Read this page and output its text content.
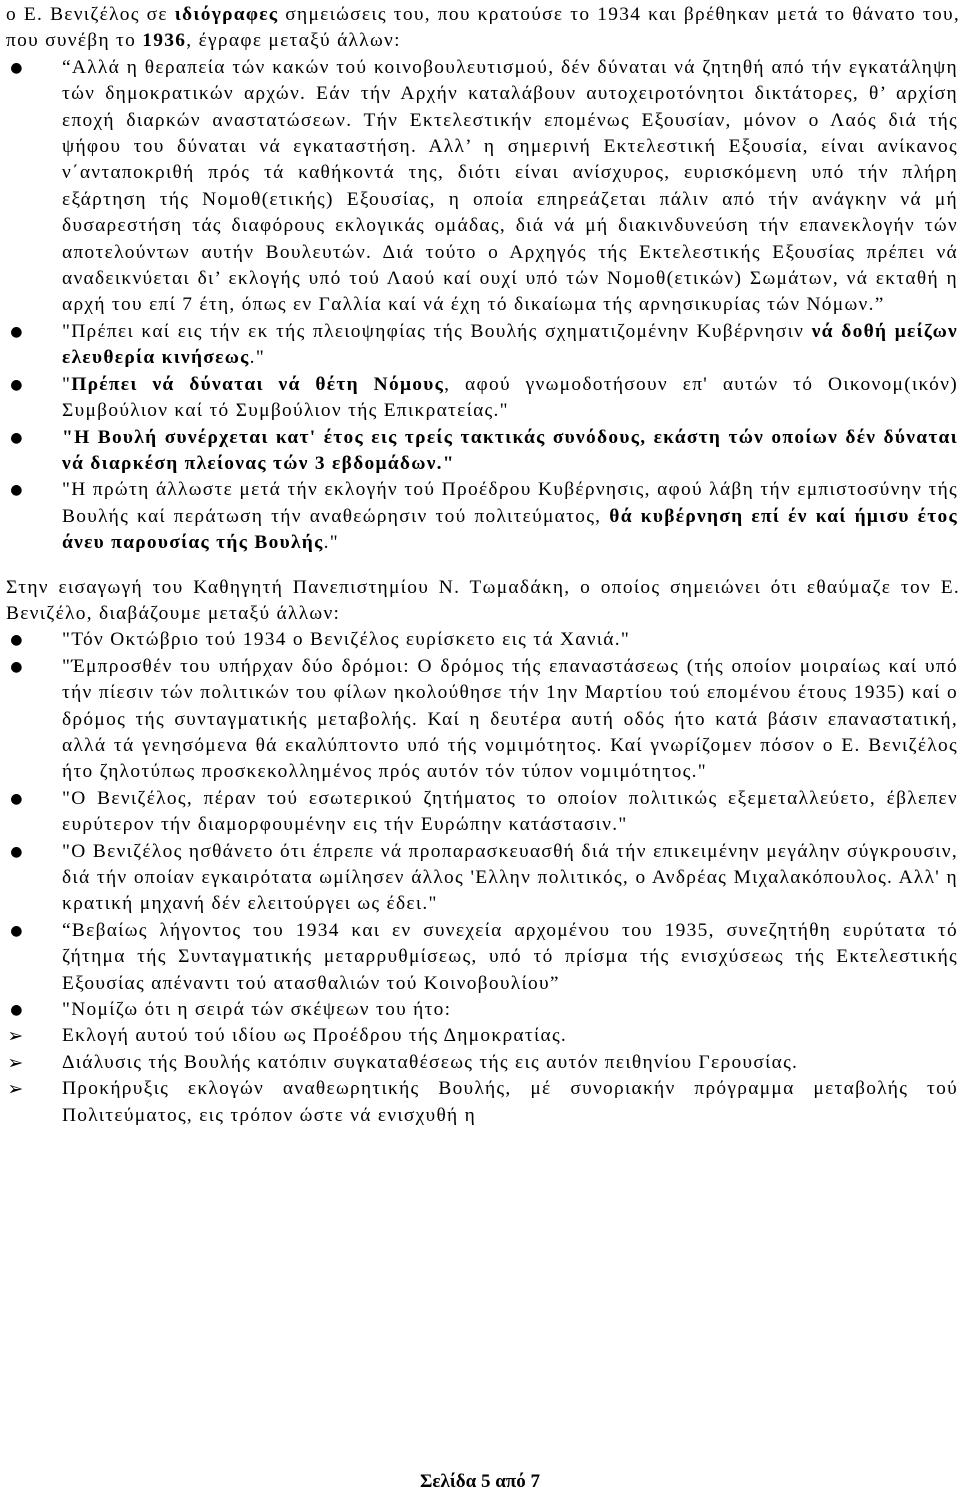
ο Ε. Βενιζέλος σε ιδιόγραφες σημειώσεις του, που κρατούσε το 1934 και βρέθηκαν μετά το θάνατο του, που συνέβη το 1936, έγραφε μεταξύ άλλων:

● “Αλλά η θεραπεία τών κακών τού κοινοβουλευτισμού, δέν δύναται νά ζητηθή από τήν εγκατάληψη τών δημοκρατικών αρχών. Εάν τήν Αρχήν καταλάβουν αυτοχειροτόνητοι δικτάτορες, θ’ αρχίση εποχή διαρκών αναστατώσεων. Τήν Εκτελεστικήν επομένως Εξουσίαν, μόνον ο Λαός διά τής ψήφου του δύναται νά εγκαταστήση. Αλλ’ η σημερινή Εκτελεστική Εξουσία, είναι ανίκανος ν΄ανταποκριθή πρός τά καθήκοντά της, διότι είναι ανίσχυρος, ευρισκόμενη υπό τήν πλήρη εξάρτηση τής Νομοθ(ετικής) Εξουσίας, η οποία επηρεάζεται πάλιν από τήν ανάγκην νά μή δυσαρεστήση τάς διαφόρους εκλογικάς ομάδας, διά νά μή διακινδυνεύση τήν επανεκλογήν τών αποτελούντων αυτήν Βουλευτών. Διά τούτο ο Αρχηγός τής Εκτελεστικής Εξουσίας πρέπει νά αναδεικνύεται δι’ εκλογής υπό τού Λαού καί ουχί υπό τών Νομοθ(ετικών) Σωμάτων, νά εκταθή η αρχή του επί 7 έτη, όπως εν Γαλλία καί νά έχη τό δικαίωμα τής αρνησικυρίας τών Νόμων.”
● "Πρέπει καί εις τήν εκ τής πλειοψηφίας τής Βουλής σχηματιζομένην Κυβέρνησιν νά δοθή μείζων ελευθερία κινήσεως."
● "Πρέπει νά δύναται νά θέτη Νόμους, αφού γνωμοδοτήσουν επ' αυτών τό Οικονομ(ικόν) Συμβούλιον καί τό Συμβούλιον τής Επικρατείας."
● "Η Βουλή συνέρχεται κατ' έτος εις τρείς τακτικάς συνόδους, εκάστη τών οποίων δέν δύναται νά διαρκέση πλείονας τών 3 εβδομάδων."
● "Η πρώτη άλλωστε μετά τήν εκλογήν τού Προέδρου Κυβέρνησις, αφού λάβη τήν εμπιστοσύνην τής Βουλής καί περάτωση τήν αναθεώρησιν τού πολιτεύματος, θά κυβέρνηση επί έν καί ήμισυ έτος άνευ παρουσίας τής Βουλής."

Στην εισαγωγή του Καθηγητή Πανεπιστημίου Ν. Τωμαδάκη, ο οποίος σημειώνει ότι εθαύμαζε τον Ε. Βενιζέλο, διαβάζουμε μεταξύ άλλων:

● "Τόν Οκτώβριο τού 1934 ο Βενιζέλος ευρίσκετο εις τά Χανιά."
● "Έμπροσθέν του υπήρχαν δύο δρόμοι: Ο δρόμος τής επαναστάσεως (τής οποίον μοιραίως καί υπό τήν πίεσιν τών πολιτικών του φίλων ηκολούθησε τήν 1ην Μαρτίου τού επομένου έτους 1935) καί ο δρόμος τής συνταγματικής μεταβολής. Καί η δευτέρα αυτή οδός ήτο κατά βάσιν επαναστατική, αλλά τά γενησόμενα θά εκαλύπτοντο υπό τής νομιμότητος. Καί γνωρίζομεν πόσον ο Ε. Βενιζέλος ήτο ζηλοτύπως προσκεκολλημένος πρός αυτόν τόν τύπον νομιμότητος."
● "Ο Βενιζέλος, πέραν τού εσωτερικού ζητήματος το οποίον πολιτικώς εξεμεταλλεύετο, έβλεπεν ευρύτερον τήν διαμορφουμένην εις τήν Ευρώπην κατάστασιν."
● "Ο Βενιζέλος ησθάνετο ότι έπρεπε νά προπαρασκευασθή διά τήν επικειμένην μεγάλην σύγκρουσιν, διά τήν οποίαν εγκαιρότατα ωμίλησεν άλλος 'Ελλην πολιτικός, ο Ανδρέας Μιχαλακόπουλος. Αλλ' η κρατική μηχανή δέν ελειτούργει ως έδει."
● “Βεβαίως λήγοντος του 1934 και εν συνεχεία αρχομένου του 1935, συνεζητήθη ευρύτατα τό ζήτημα τής Συνταγματικής μεταρρυθμίσεως, υπό τό πρίσμα τής ενισχύσεως τής Εκτελεστικής Εξουσίας απέναντι τού ατασθαλιών τού Κοινοβουλίου”
● "Νομίζω ότι η σειρά τών σκέψεων του ήτο:
➢ Εκλογή αυτού τού ιδίου ως Προέδρου τής Δημοκρατίας.
➢ Διάλυσις τής Βουλής κατόπιν συγκαταθέσεως τής εις αυτόν πειθηνίου Γερουσίας.
➢ Προκήρυξις εκλογών αναθεωρητικής Βουλής, μέ συνοριακήν πρόγραμμα μεταβολής τού Πολιτεύματος, εις τρόπον ώστε νά ενισχυθή η
Σελίδα 5 από 7
